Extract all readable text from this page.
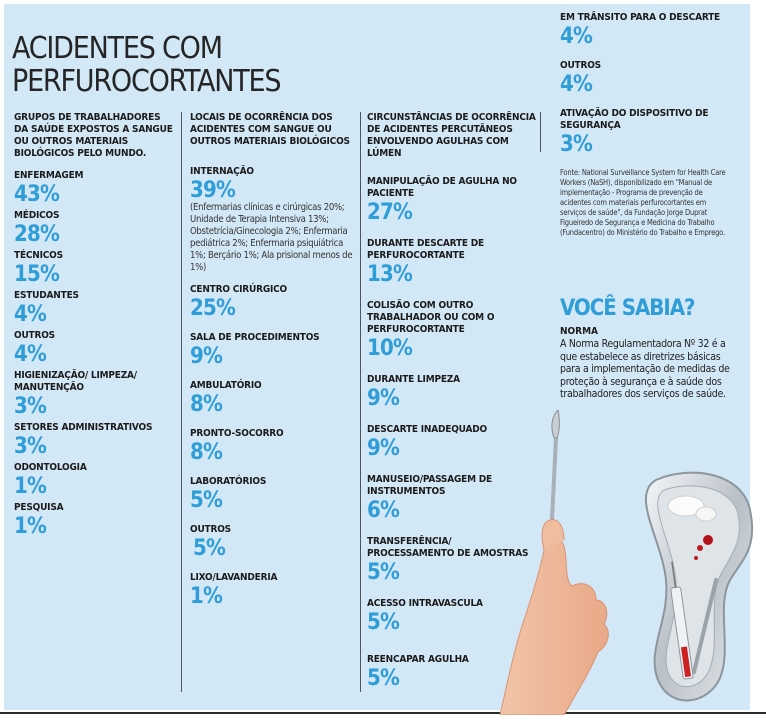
ACIDENTES COM
PERFUROCORTANTES
GRUPOS DE TRABALHADORES DA SAÚDE EXPOSTOS A SANGUE OU OUTROS MATERIAIS BIOLÓGICOS PELO MUNDO.
ENFERMAGEM
43%
MÉDICOS
28%
TÉCNICOS
15%
ESTUDANTES
4%
OUTROS
4%
HIGIENIZAÇÃO/ LIMPEZA/ MANUTENÇÃO
3%
SETORES ADMINISTRATIVOS
3%
ODONTOLOGIA
1%
PESQUISA
1%
LOCAIS DE OCORRÊNCIA DOS ACIDENTES COM SANGUE OU OUTROS MATERIAIS BIOLÓGICOS
INTERNAÇÃO
39%
(Enfermarias clínicas e cirúrgicas 20%; Unidade de Terapia Intensiva 13%; Obstetrícia/Ginecologia 2%; Enfermaria pediátrica 2%; Enfermaria psiquiátrica 1%; Berçário 1%; Ala prisional menos de 1%)
CENTRO CIRÚRGICO
25%
SALA DE PROCEDIMENTOS
9%
AMBULATÓRIO
8%
PRONTO-SOCORRO
8%
LABORATÓRIOS
5%
OUTROS
5%
LIXO/LAVANDERIA
1%
CIRCUNSTÂNCIAS DE OCORRÊNCIA DE ACIDENTES PERCUTÂNEOS ENVOLVENDO AGULHAS COM LÚMEN
MANIPULAÇÃO DE AGULHA NO PACIENTE
27%
DURANTE DESCARTE DE PERFUROCORTANTE
13%
COLISÃO COM OUTRO TRABALHADOR OU COM O PERFUROCORTANTE
10%
DURANTE LIMPEZA
9%
DESCARTE INADEQUADO
9%
MANUSEIO/PASSAGEM DE INSTRUMENTOS
6%
TRANSFERÊNCIA/ PROCESSAMENTO DE AMOSTRAS
5%
ACESSO INTRAVASCULA
5%
REENCAPAR AGULHA
5%
EM TRÂNSITO PARA O DESCARTE
4%
OUTROS
4%
ATIVAÇÃO DO DISPOSITIVO DE SEGURANÇA
3%
Fonte: National Surveillance System for Health Care Workers (NaSH), disponibilizado em "Manual de implementação - Programa de prevenção de acidentes com materiais perfurocortantes em serviços de saúde", da Fundação Jorge Duprat Figueiredo de Segurança e Medicina do Trabalho (Fundacentro) do Ministério do Trabalho e Emprego.
VOCÊ SABIA?
NORMA
A Norma Regulamentadora Nº 32 é a que estabelece as diretrizes básicas para a implementação de medidas de proteção à segurança e à saúde dos trabalhadores dos serviços de saúde.
